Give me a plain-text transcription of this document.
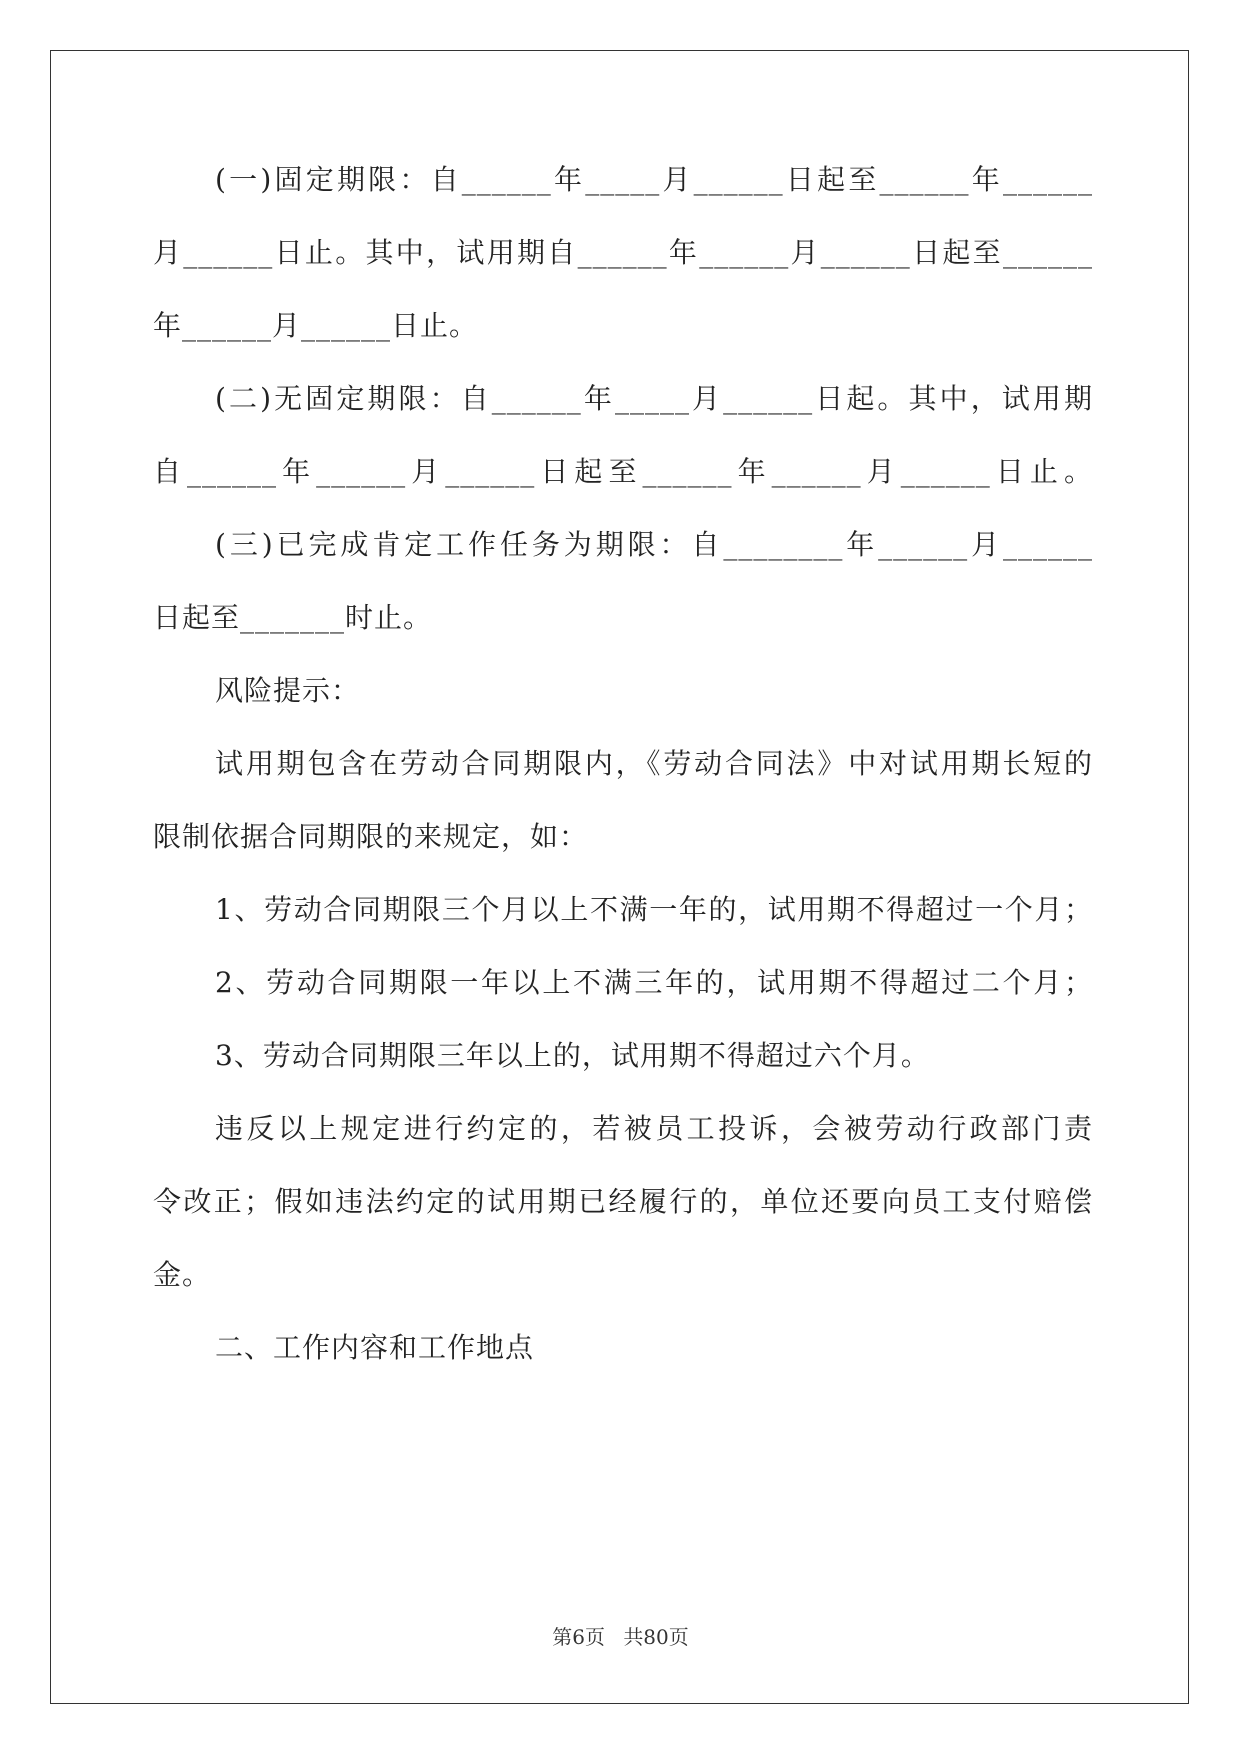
(一)固定期限：自______年_____月______日起至______年______
月______日止。其中，试用期自______年______月______日起至______
年______月______日止。
(二)无固定期限：自______年_____月______日起。其中，试用期
自______年______月______日起至______年______月______日止。
(三)已完成肯定工作任务为期限：自________年______月______
日起至_______时止。
风险提示：
试用期包含在劳动合同期限内，《劳动合同法》中对试用期长短的
限制依据合同期限的来规定，如：
1、劳动合同期限三个月以上不满一年的，试用期不得超过一个月；
2、劳动合同期限一年以上不满三年的，试用期不得超过二个月；
3、劳动合同期限三年以上的，试用期不得超过六个月。
违反以上规定进行约定的，若被员工投诉，会被劳动行政部门责
令改正；假如违法约定的试用期已经履行的，单位还要向员工支付赔偿
金。
二、工作内容和工作地点
第6页 共80页
